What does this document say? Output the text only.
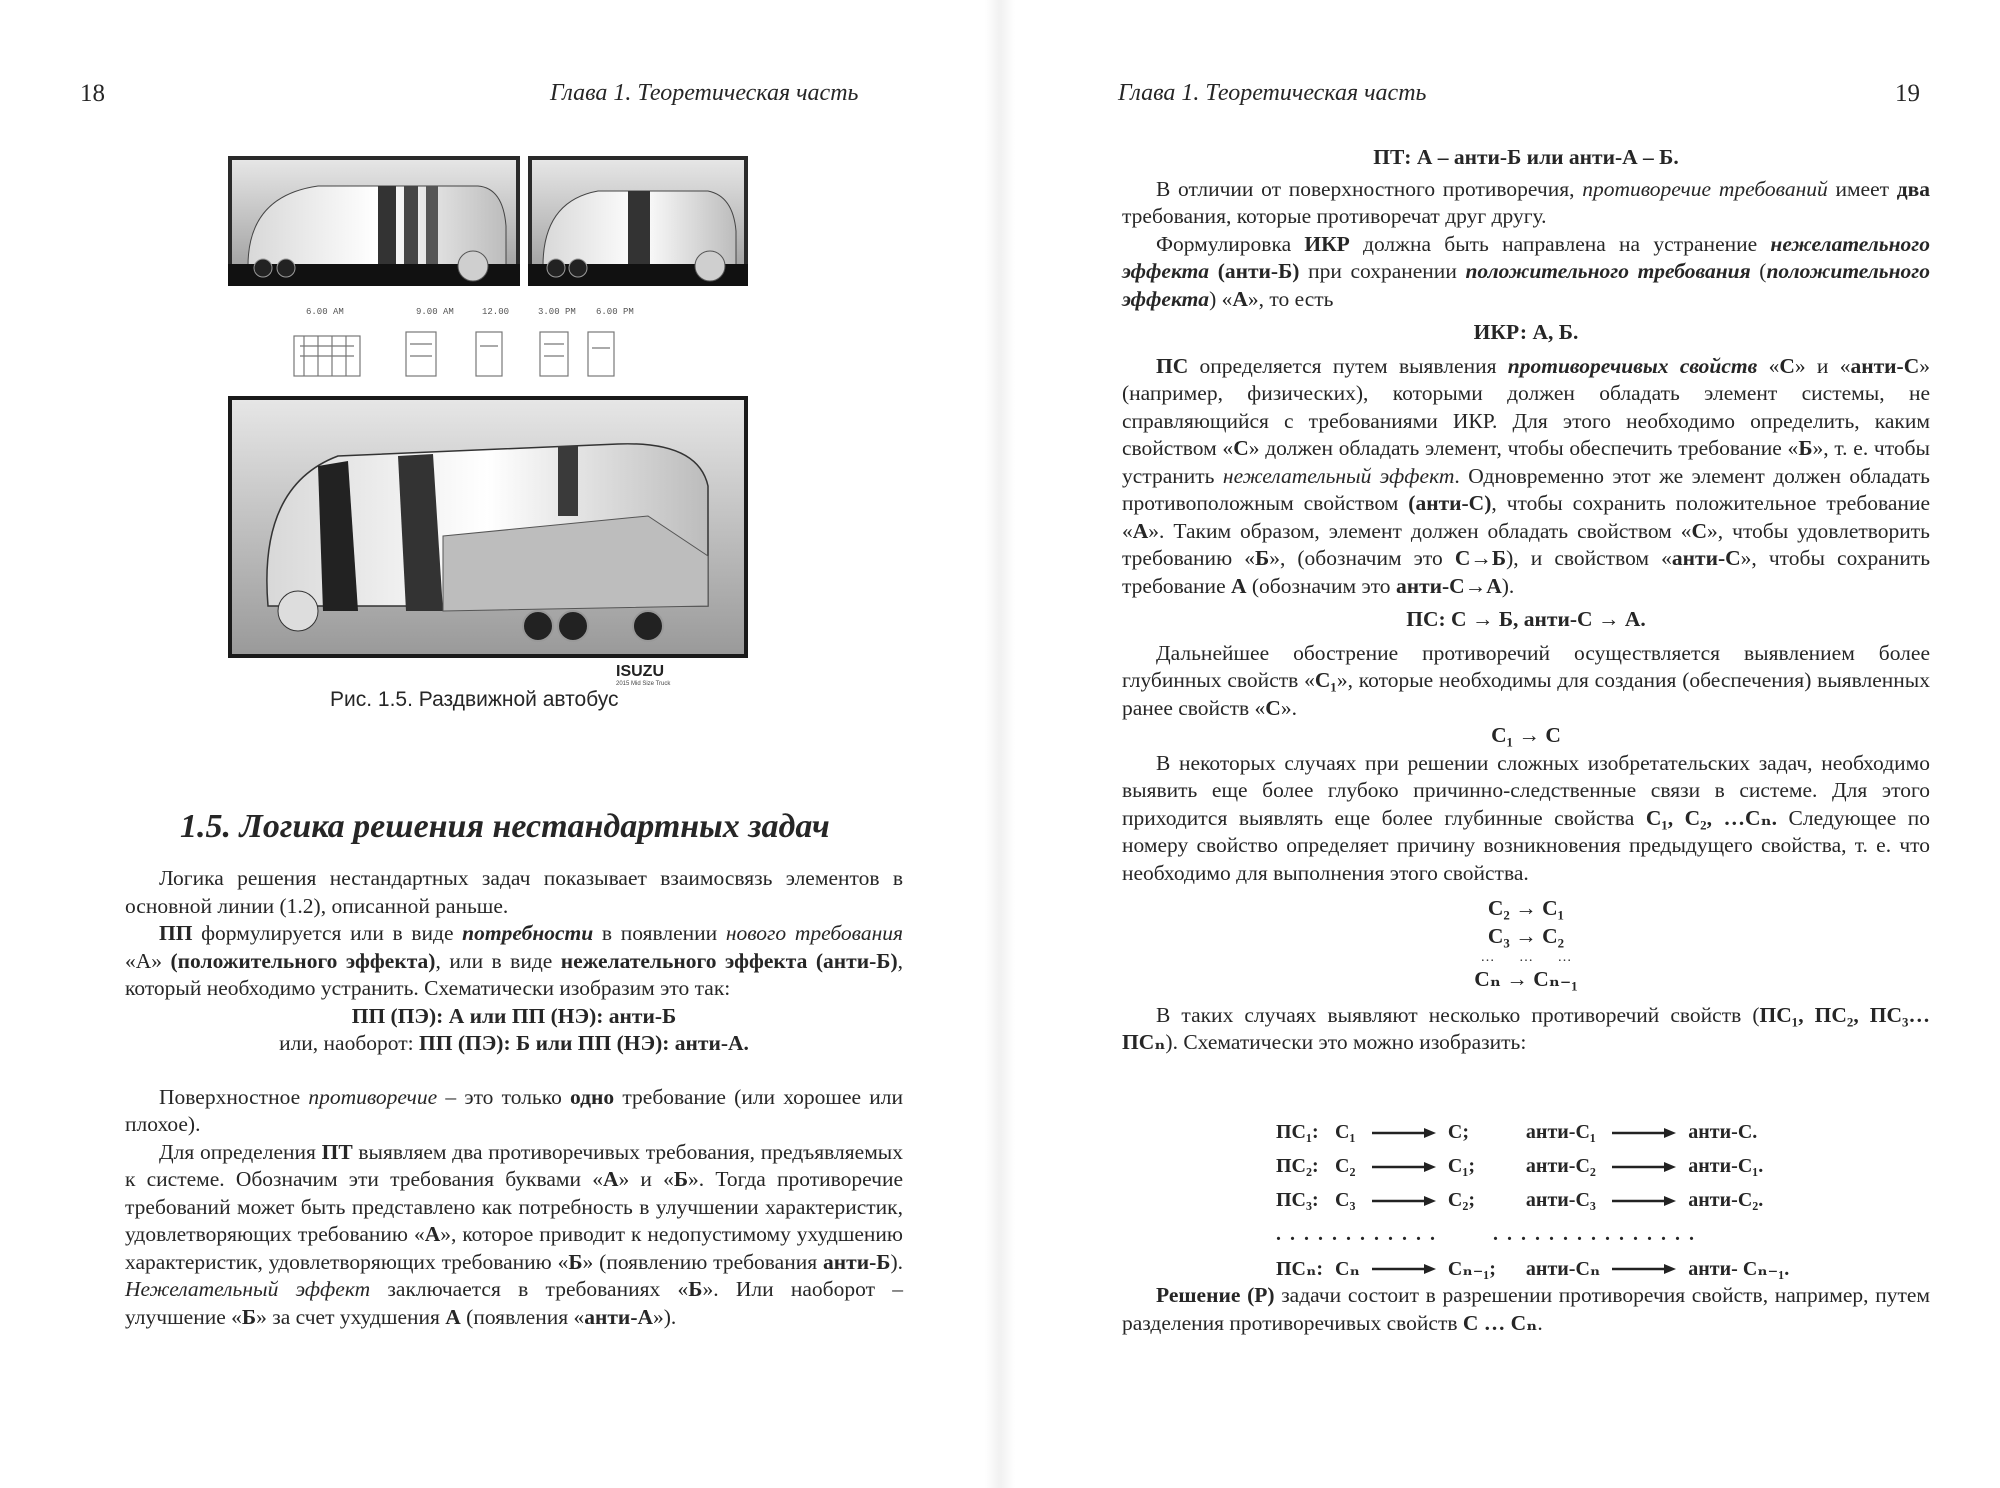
18	Глава 1. Теоретическая часть
6.00 AM	9.00 AM	12.00	3.00 PM 6.00 PM
ISUZU
2015 Mid Size Truck
Рис. 1.5. Раздвижной автобус
1.5. Логика решения нестандартных задач

Логика решения нестандартных задач показывает взаимосвязь элементов в основной линии (1.2), описанной раньше.

ПП формулируется или в виде потребности в появлении нового требования «А» (положительного эффекта), или в виде нежелательного эффекта (анти-Б), который необходимо устранить. Схематически изобразим это так:

ПП (ПЭ): А или ПП (НЭ): анти-Б

или, наоборот: ПП (ПЭ): Б или ПП (НЭ): анти-А.

Поверхностное противоречие – это только одно требование (или хорошее или плохое).

Для определения ПТ выявляем два противоречивых требования, предъявляемых к системе. Обозначим эти требования буквами «А» и «Б». Тогда противоречие требований может быть представлено как потребность в улучшении характеристик, удовлетворяющих требованию «А», которое приводит к недопустимому ухудшению характеристик, удовлетворяющих требованию «Б» (появлению требования анти-Б). Нежелательный эффект заключается в требованиях «Б». Или наоборот – улучшение «Б» за счет ухудшения А (появления «анти-А»).

Глава 1. Теоретическая часть	19

ПТ: А – анти-Б или анти-А – Б.

В отличии от поверхностного противоречия, противоречие требований имеет два требования, которые противоречат друг другу.

Формулировка ИКР должна быть направлена на устранение нежелательного эффекта (анти-Б) при сохранении положительного требования (положительного эффекта) «А», то есть

ИКР: А, Б.

ПС определяется путем выявления противоречивых свойств «С» и «анти-С» (например, физических), которыми должен обладать элемент системы, не справляющийся с требованиями ИКР. Для этого необходимо определить, каким свойством «С» должен обладать элемент, чтобы обеспечить требование «Б», т. е. чтобы устранить нежелательный эффект. Одновременно этот же элемент должен обладать противоположным свойством (анти-С), чтобы сохранить положительное требование «А». Таким образом, элемент должен обладать свойством «С», чтобы удовлетворить требованию «Б», (обозначим это С→Б), и свойством «анти-С», чтобы сохранить требование А (обозначим это анти-С→А).

ПС: С → Б, анти-С → А.

Дальнейшее обострение противоречий осуществляется выявлением более глубинных свойств «С₁», которые необходимы для создания (обеспечения) выявленных ранее свойств «С».

С₁ → С

В некоторых случаях при решении сложных изобретательских задач, необходимо выявить еще более глубоко причинно-следственные связи в системе. Для этого приходится выявлять еще более глубинные свойства С₁, С₂, …Сₙ. Следующее по номеру свойство определяет причину возникновения предыдущего свойства, т. е. что необходимо для выполнения этого свойства.

С₂ → С₁
С₃ → С₂
…       …       …
Сₙ → Сₙ₋₁

В таких случаях выявляют несколько противоречий свойств (ПС₁, ПС₂, ПС₃… ПСₙ). Схематически это можно изобразить:

ПС₁:	С₁		С;	анти-С₁		анти-С.
ПС₂:	С₂		С₁;	анти-С₂		анти-С₁.
ПС₃:	С₃		С₂;	анти-С₃		анти-С₂.
. . . . . . . . . . . .        . . . . . . . . . . . . . . .						
ПСₙ:	Сₙ		Сₙ₋₁;	анти-Сₙ		анти- Сₙ₋₁.

Решение (Р) задачи состоит в разрешении противоречия свойств, например, путем разделения противоречивых свойств С … Сₙ.
